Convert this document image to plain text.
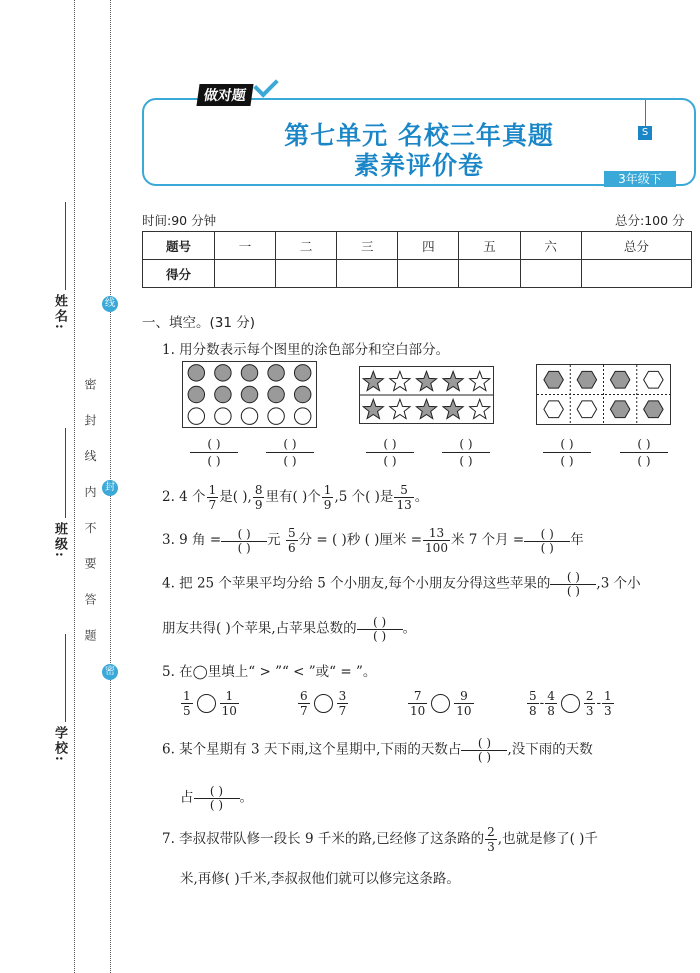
姓名:
班级:
学校:
密 封 线 内 不 要 答 题
线
封
密
第七单元 名校三年真题
素养评价卷
做对题
S
3年级下
时间:90 分钟	总分:100 分
题号	一	二	三	四	五	六	总分
得分							
一、填空。(31 分)
1. 用分数表示每个图里的涂色部分和空白部分。
( )
( )
( )
( )
( )
( )
( )
( )
( )
( )
( )
( )
2. 4 个 $\frac{1}{7}$ 是( ), $\frac{8}{9}$ 里有( )个 $\frac{1}{9} ,5$ 个( )是 $\frac{5}{13}$ 。
3. 9 角 =	( )
( )	元 $\frac{5}{6}$ 分 = ( )秒 ( )厘米 = $\frac{13}{100}$ 米 7 个月 =	( )
( )	年
4. 把 25 个苹果平均分给 5 个小朋友,每个小朋友分得这些苹果的	( )
( )	,3 个小
朋友共得( )个苹果,占苹果总数的	( )
( )	。
5. 在◯里填上“ > ”“ < ”或“ = ”。
$\frac{1}{5} \frac{1}{10}$	$\frac{6}{7} \frac{3}{7}$	$\frac{7}{10} \frac{9}{10}$	$\frac{5}{8} - \frac{4}{8} \frac{2}{3} - \frac{1}{3}$
6. 某个星期有 3 天下雨,这个星期中,下雨的天数占	( )
( )	,没下雨的天数
占	( )
( )	。
7. 李叔叔带队修一段长 9 千米的路,已经修了这条路的 $\frac{2}{3}$ ,也就是修了( )千
米,再修( )千米,李叔叔他们就可以修完这条路。
